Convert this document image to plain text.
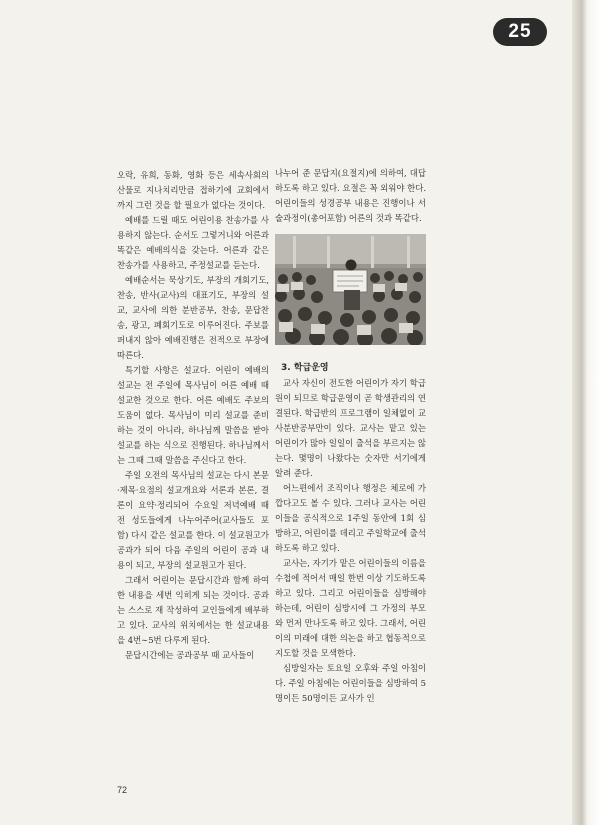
25

오락, 유희, 동화, 영화 등은 세속사회의 산물로 지나치리만큼 접하기에 교회에서까지 그런 것을 할 필요가 없다는 것이다.

예배를 드릴 때도 어린이용 찬송가를 사용하지 않는다. 순서도 그렇거니와 어른과 똑같은 예배의식을 갖는다. 어른과 같은 찬송가를 사용하고, 주정설교를 듣는다.

예배순서는 묵상기도, 부장의 개회기도, 찬송, 반사(교사)의 대표기도, 부장의 설교, 교사에 의한 분반공부, 찬송, 문답찬송, 광고, 폐회기도로 이루어진다. 주보를 퍼내지 않아 예배진행은 전적으로 부장에 따른다.

특기할 사항은 설교다. 어린이 예배의 설교는 전 주일에 목사님이 어른 예배 때 설교한 것으로 한다. 어른 예배도 주보의 도움이 없다. 목사님이 미리 설교를 준비하는 것이 아니라, 하나님께 말씀을 받아 설교를 하는 식으로 진행된다. 하나님께서는 그때 그때 말씀을 주신다고 한다.

주일 오전의 목사님의 설교는 다시 본문·제목·요점의 설교개요와 서론과 본론, 결론이 요약·정리되어 수요일 저녁예배 때 전 성도들에게 나누어주어(교사들도 포함) 다시 같은 설교를 한다. 이 설교원고가 공과가 되어 다음 주일의 어린이 공과 내용이 되고, 부장의 설교원고가 된다.

그래서 어린이는 문답시간과 함께 하여 한 내용을 세번 익히게 되는 것이다. 공과는 스스로 재 작성하여 교인들에게 배부하고 있다. 교사의 위치에서는 한 설교내용을 4번∼5번 다루게 된다.

문답시간에는 공과공부 때 교사들이

나누어 준 문답지(요절지)에 의하여, 대답하도록 하고 있다. 요절은 꼭 외워야 한다. 어린이들의 성경공부 내용은 진행이나 서술과정이(총어포함) 어른의 것과 똑같다.

3. 학급운영

교사 자신이 전도한 어린이가 자기 학급원이 되므로 학급운영이 곧 학생관리의 연결된다. 학급반의 프로그램이 일체없이 교사분반공부만이 있다. 교사는 맡고 있는 어린이가 많아 일일이 출석을 부르지는 않는다. 몇명이 나왔다는 숫자만 서기에게 알려 준다.

어느편에서 조직이나 행정은 체로에 가깝다고도 볼 수 있다. 그러나 교사는 어린이들을 공식적으로 1주일 동안에 1회 심방하고, 어린이를 데리고 주일학교에 출석하도록 하고 있다.

교사는, 자기가 맡은 어린이들의 이름을 수첩에 적어서 매일 한번 이상 기도하도록 하고 있다. 그리고 어린이들을 심방해야 하는데, 어린이 심방시에 그 가정의 부모와 먼저 만나도록 하고 있다. 그래서, 어린이의 미래에 대한 의논을 하고 협동적으로 지도할 것을 모색한다.

심방일자는 토요일 오후와 주일 아침이다. 주일 아침에는 어린이들을 심방하여 5명이든 50명이든 교사가 인

72
